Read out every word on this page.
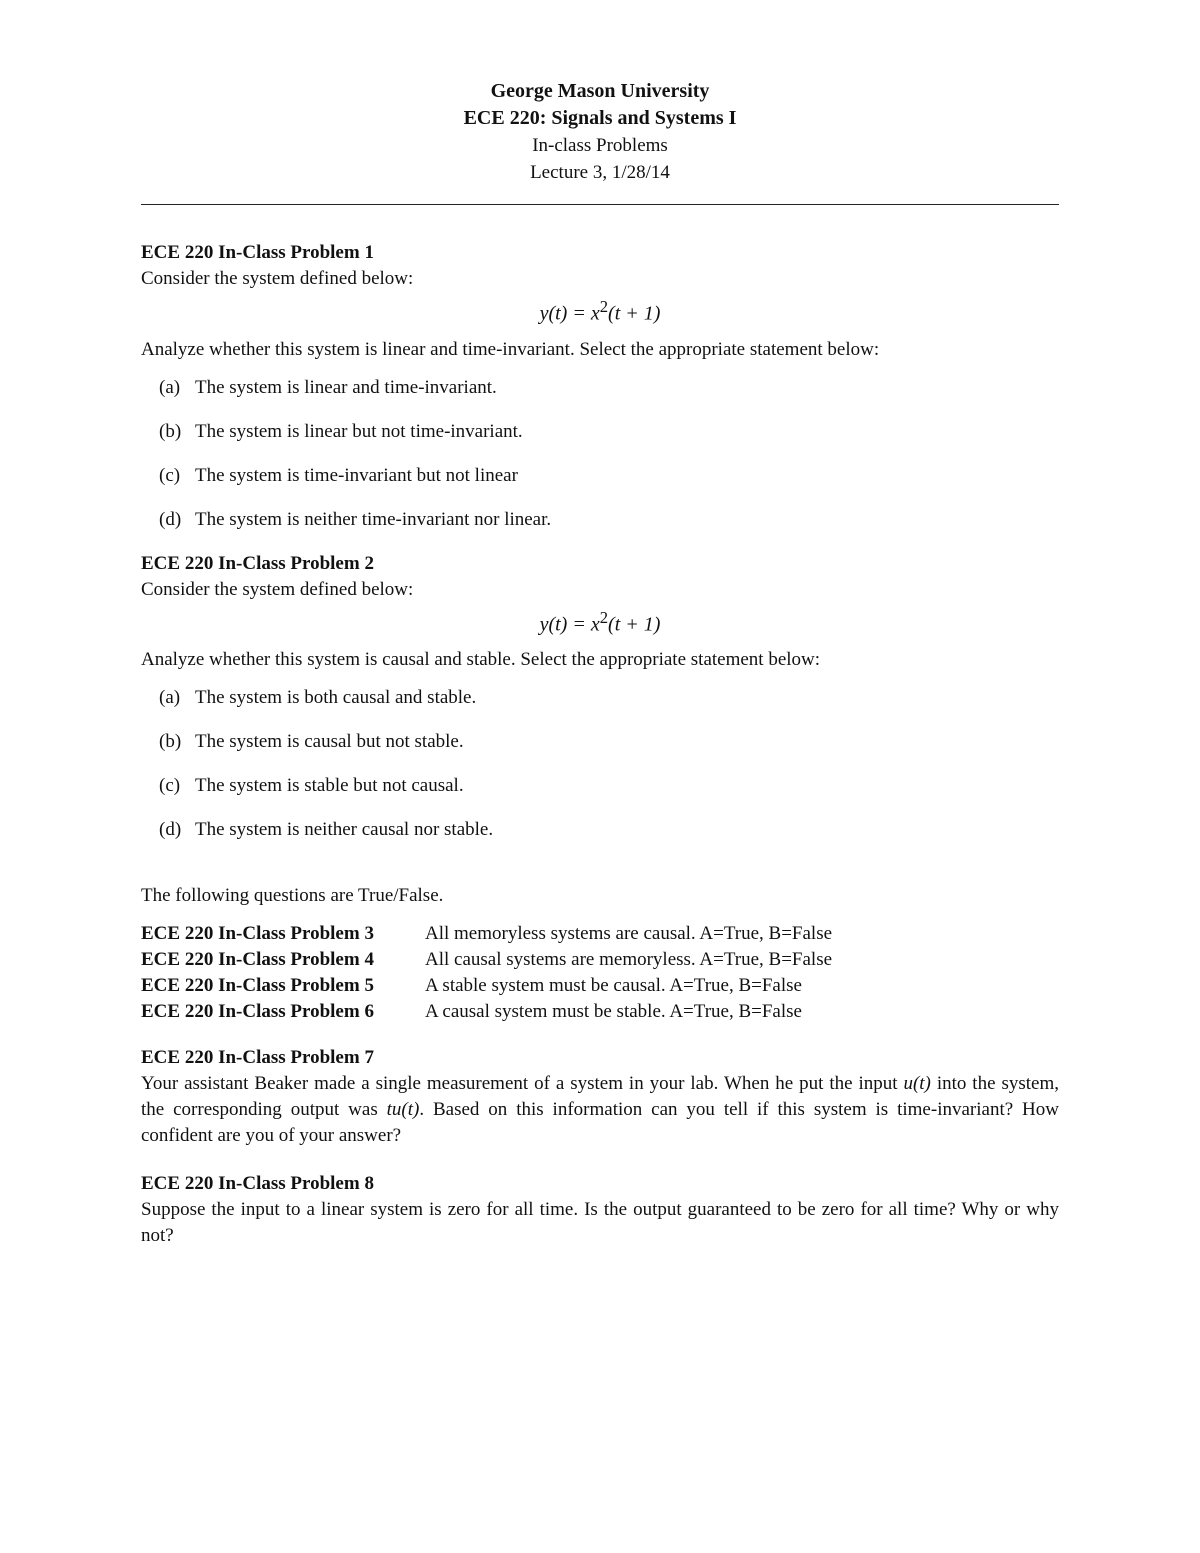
George Mason University
ECE 220: Signals and Systems I
In-class Problems
Lecture 3, 1/28/14
ECE 220 In-Class Problem 1
Consider the system defined below:
$y(t) = x^2(t + 1)$
Analyze whether this system is linear and time-invariant. Select the appropriate statement below:
(a) The system is linear and time-invariant.
(b) The system is linear but not time-invariant.
(c) The system is time-invariant but not linear
(d) The system is neither time-invariant nor linear.
ECE 220 In-Class Problem 2
Consider the system defined below:
$y(t) = x^2(t + 1)$
Analyze whether this system is causal and stable. Select the appropriate statement below:
(a) The system is both causal and stable.
(b) The system is causal but not stable.
(c) The system is stable but not causal.
(d) The system is neither causal nor stable.
The following questions are True/False.
ECE 220 In-Class Problem 3	All memoryless systems are causal. A=True, B=False
ECE 220 In-Class Problem 4	All causal systems are memoryless. A=True, B=False
ECE 220 In-Class Problem 5	A stable system must be causal. A=True, B=False
ECE 220 In-Class Problem 6	A causal system must be stable. A=True, B=False
ECE 220 In-Class Problem 7
Your assistant Beaker made a single measurement of a system in your lab. When he put the input u(t) into the system, the corresponding output was tu(t). Based on this information can you tell if this system is time-invariant? How confident are you of your answer?
ECE 220 In-Class Problem 8
Suppose the input to a linear system is zero for all time. Is the output guaranteed to be zero for all time? Why or why not?
